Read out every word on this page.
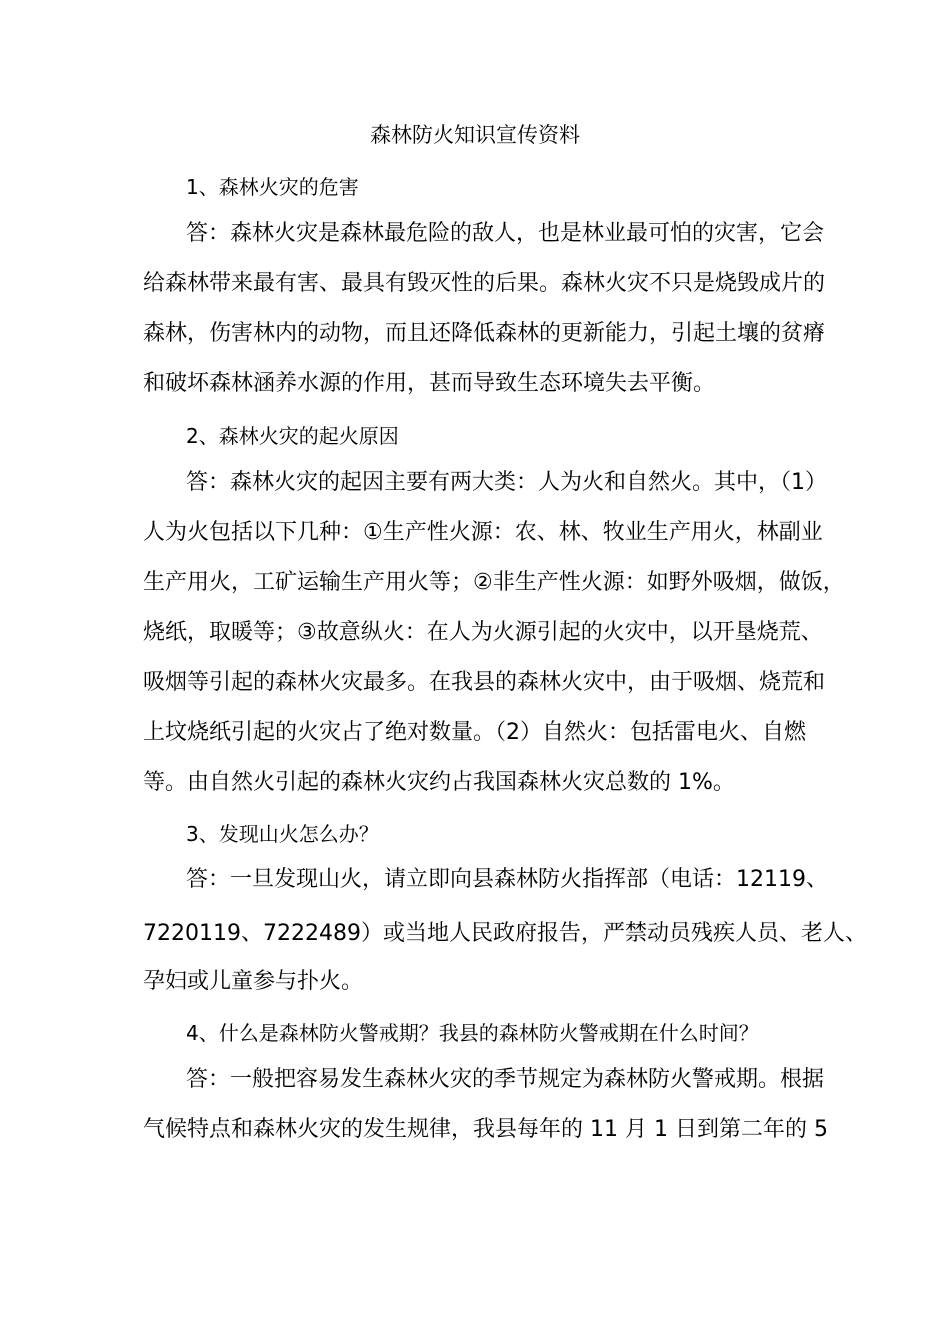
森林防火知识宣传资料
1、森林火灾的危害
答：森林火灾是森林最危险的敌人，也是林业最可怕的灾害，它会
给森林带来最有害、最具有毁灭性的后果。森林火灾不只是烧毁成片的
森林，伤害林内的动物，而且还降低森林的更新能力，引起土壤的贫瘠
和破坏森林涵养水源的作用，甚而导致生态环境失去平衡。
2、森林火灾的起火原因
答：森林火灾的起因主要有两大类：人为火和自然火。其中，（1）
人为火包括以下几种：①生产性火源：农、林、牧业生产用火，林副业
生产用火，工矿运输生产用火等；②非生产性火源：如野外吸烟，做饭，
烧纸，取暖等；③故意纵火：在人为火源引起的火灾中，以开垦烧荒、
吸烟等引起的森林火灾最多。在我县的森林火灾中，由于吸烟、烧荒和
上坟烧纸引起的火灾占了绝对数量。（2）自然火：包括雷电火、自燃
等。由自然火引起的森林火灾约占我国森林火灾总数的 1%。
3、发现山火怎么办？
答：一旦发现山火，请立即向县森林防火指挥部（电话：12119、
7220119、7222489）或当地人民政府报告，严禁动员残疾人员、老人、
孕妇或儿童参与扑火。
4、什么是森林防火警戒期？我县的森林防火警戒期在什么时间？
答：一般把容易发生森林火灾的季节规定为森林防火警戒期。根据
气候特点和森林火灾的发生规律，我县每年的 11 月 1 日到第二年的 5
